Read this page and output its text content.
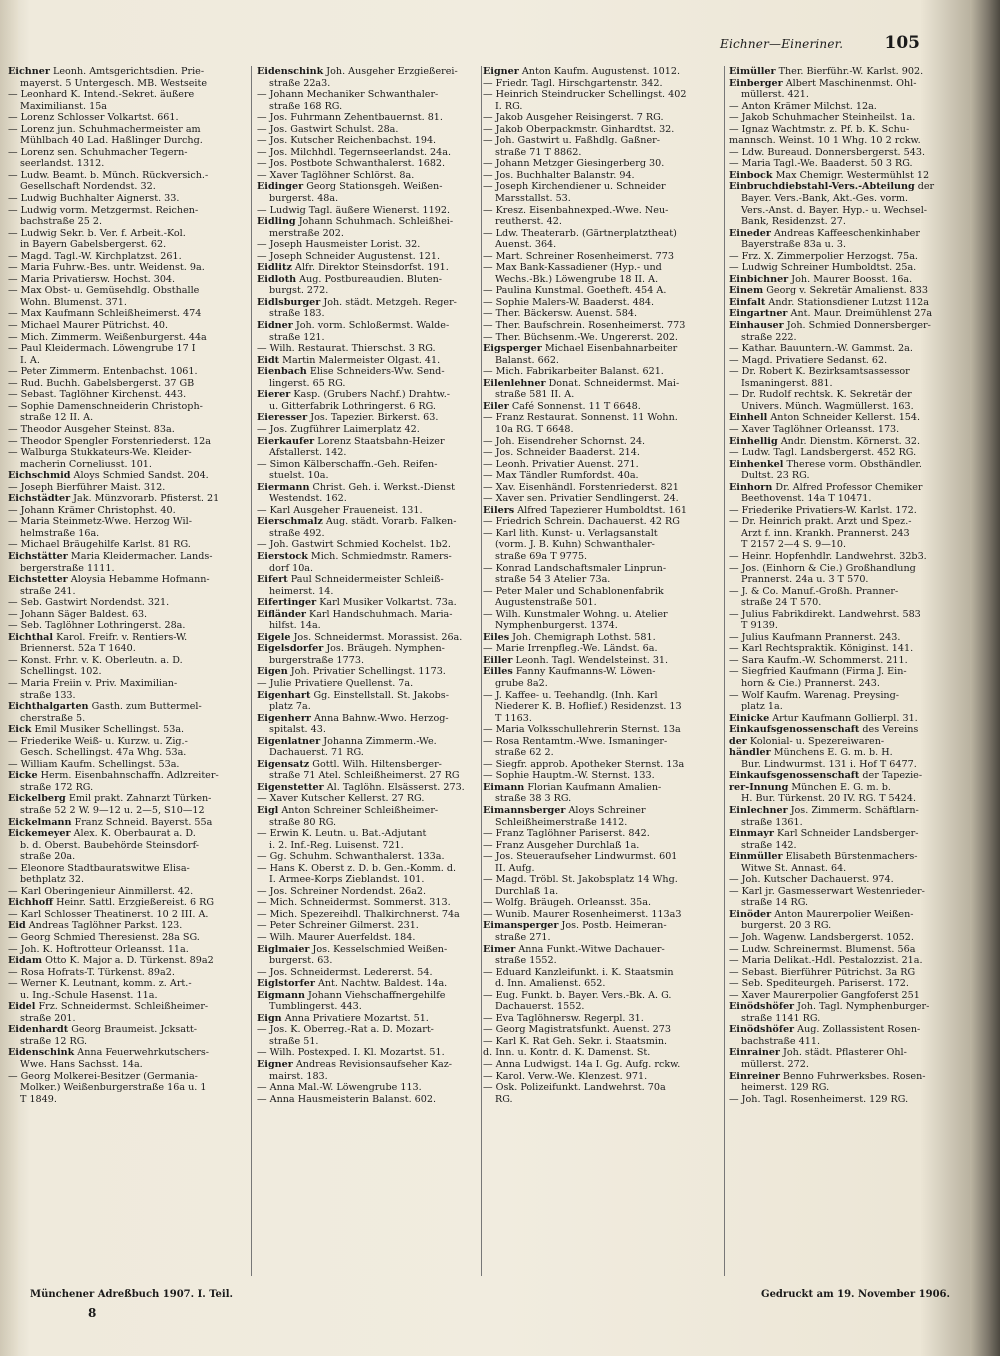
Eichner—Eineriner. 105

Eichner Leonh. Amtsgerichtsdien. Prie-

mayerst. 5 Untergesch. MB. Westseite

— Leonhard K. Intend.-Sekret. äußere

Maximilianst. 15a

— Lorenz Schlosser Volkartst. 661.

— Lorenz jun. Schuhmachermeister am

Mühlbach 40 Lad. Haßlinger Durchg.

— Lorenz sen. Schuhmacher Tegern-

seerlandst. 1312.

— Ludw. Beamt. b. Münch. Rückversich.-

Gesellschaft Nordendst. 32.

— Ludwig Buchhalter Aignerst. 33.

— Ludwig vorm. Metzgermst. Reichen-

bachstraße 25 2.

— Ludwig Sekr. b. Ver. f. Arbeit.-Kol.

in Bayern Gabelsbergerst. 62.

— Magd. Tagl.-W. Kirchplatzst. 261.

— Maria Fuhrw.-Bes. untr. Weidenst. 9a.

— Maria Privatiersw. Hochst. 304.

— Max Obst- u. Gemüsehdlg. Obsthalle

Wohn. Blumenst. 371.

— Max Kaufmann Schleißheimerst. 474

— Michael Maurer Pütrichst. 40.

— Mich. Zimmerm. Weißenburgerst. 44a

— Paul Kleidermach. Löwengrube 17 I

I. A.

— Peter Zimmerm. Entenbachst. 1061.

— Rud. Buchh. Gabelsbergerst. 37 GB

— Sebast. Taglöhner Kirchenst. 443.

— Sophie Damenschneiderin Christoph-

straße 12 II. A.

— Theodor Ausgeher Steinst. 83a.

— Theodor Spengler Forstenriederst. 12a

— Walburga Stukkateurs-We. Kleider-

macherin Corneliusst. 101.

Eichschmid Aloys Schmied Sandst. 204.

— Joseph Bierführer Maist. 312.

Eichstädter Jak. Münzvorarb. Pfisterst. 21

— Johann Krämer Christophst. 40.

— Maria Steinmetz-Wwe. Herzog Wil-

helmstraße 16a.

— Michael Bräugehilfe Karlst. 81 RG.

Eichstätter Maria Kleidermacher. Lands-

bergerstraße 1111.

Eichstetter Aloysia Hebamme Hofmann-

straße 241.

— Seb. Gastwirt Nordendst. 321.

— Johann Säger Baldest. 63.

— Seb. Taglöhner Lothringerst. 28a.

Eichthal Karol. Freifr. v. Rentiers-W.

Briennerst. 52a T 1640.

— Konst. Frhr. v. K. Oberleutn. a. D.

Schellingst. 102.

— Maria Freiin v. Priv. Maximilian-

straße 133.

Eichthalgarten Gasth. zum Buttermel-

cherstraße 5.

Eick Emil Musiker Schellingst. 53a.

— Friederike Weiß- u. Kurzw. u. Zig.-

Gesch. Schellingst. 47a Whg. 53a.

— William Kaufm. Schellingst. 53a.

Eicke Herm. Eisenbahnschaffn. Adlzreiter-

straße 172 RG.

Eickelberg Emil prakt. Zahnarzt Türken-

straße 52 2 W. 9—12 u. 2—5, S10—12

Eickelmann Franz Schneid. Bayerst. 55a

Eickemeyer Alex. K. Oberbaurat a. D.

b. d. Oberst. Baubehörde Steinsdorf-

straße 20a.

— Eleonore Stadtbauratswitwe Elisa-

bethplatz 32.

— Karl Oberingenieur Ainmillerst. 42.

Eichhoff Heinr. Sattl. Erzgießereist. 6 RG

— Karl Schlosser Theatinerst. 10 2 III. A.

Eid Andreas Taglöhner Parkst. 123.

— Georg Schmied Theresienst. 28a SG.

— Joh. K. Hoftrotteur Orleansst. 11a.

Eidam Otto K. Major a. D. Türkenst. 89a2

— Rosa Hofrats-T. Türkenst. 89a2.

— Werner K. Leutnant, komm. z. Art.-

u. Ing.-Schule Hasenst. 11a.

Eidel Frz. Schneidermst. Schleißheimer-

straße 201.

Eidenhardt Georg Braumeist. Jcksatt-

straße 12 RG.

Eidenschink Anna Feuerwehrkutschers-

Wwe. Hans Sachsst. 14a.

— Georg Molkerei-Besitzer (Germania-

Molker.) Weißenburgerstraße 16a u. 1

T 1849.

Eidenschink Joh. Ausgeher Erzgießerei-

straße 22a3.

— Johann Mechaniker Schwanthaler-

straße 168 RG.

— Jos. Fuhrmann Zehentbauernst. 81.

— Jos. Gastwirt Schulst. 28a.

— Jos. Kutscher Reichenbachst. 194.

— Jos. Milchhdl. Tegernseerlandst. 24a.

— Jos. Postbote Schwanthalerst. 1682.

— Xaver Taglöhner Schlörst. 8a.

Eidinger Georg Stationsgeh. Weißen-

burgerst. 48a.

— Ludwig Tagl. äußere Wienerst. 1192.

Eidling Johann Schuhmach. Schleißhei-

merstraße 202.

— Joseph Hausmeister Lorist. 32.

— Joseph Schneider Augustenst. 121.

Eidlitz Alfr. Direktor Steinsdorfst. 191.

Eidloth Aug. Postbureaudien. Bluten-

burgst. 272.

Eidlsburger Joh. städt. Metzgeh. Reger-

straße 183.

Eidner Joh. vorm. Schloßermst. Walde-

straße 121.

— Wilh. Restaurat. Thierschst. 3 RG.

Eidt Martin Malermeister Olgast. 41.

Eienbach Elise Schneiders-Ww. Send-

lingerst. 65 RG.

Eierer Kasp. (Grubers Nachf.) Drahtw.-

u. Gitterfabrik Lothringerst. 6 RG.

Eieresser Jos. Tapezier. Birkerst. 63.

— Jos. Zugführer Laimerplatz 42.

Eierkaufer Lorenz Staatsbahn-Heizer

Afstallerst. 142.

— Simon Kälberschaffn.-Geh. Reifen-

stuelst. 10a.

Eiermann Christ. Geh. i. Werkst.-Dienst

Westendst. 162.

— Karl Ausgeher Fraueneist. 131.

Eierschmalz Aug. städt. Vorarb. Falken-

straße 492.

— Joh. Gastwirt Schmied Kochelst. 1b2.

Eierstock Mich. Schmiedmstr. Ramers-

dorf 10a.

Eifert Paul Schneidermeister Schleiß-

heimerst. 14.

Eifertinger Karl Musiker Volkartst. 73a.

Eifländer Karl Handschuhmach. Maria-

hilfst. 14a.

Eigele Jos. Schneidermst. Morassist. 26a.

Eigelsdorfer Jos. Bräugeh. Nymphen-

burgerstraße 1773.

Eigen Joh. Privatier Schellingst. 1173.

— Julie Privatiere Quellenst. 7a.

Eigenhart Gg. Einstellstall. St. Jakobs-

platz 7a.

Eigenherr Anna Bahnw.-Wwo. Herzog-

spitalst. 43.

Eigenlatner Johanna Zimmerm.-We.

Dachauerst. 71 RG.

Eigensatz Gottl. Wilh. Hiltensberger-

straße 71 Atel. Schleißheimerst. 27 RG

Eigenstetter Al. Taglöhn. Elsässerst. 273.

— Xaver Kutscher Kellerst. 27 RG.

Eigl Anton Schreiner Schleißheimer-

straße 80 RG.

— Erwin K. Leutn. u. Bat.-Adjutant

i. 2. Inf.-Reg. Luisenst. 721.

— Gg. Schuhm. Schwanthalerst. 133a.

— Hans K. Oberst z. D. b. Gen.-Komm. d.

I. Armee-Korps Zieblandst. 101.

— Jos. Schreiner Nordendst. 26a2.

— Mich. Schneidermst. Sommerst. 313.

— Mich. Spezereihdl. Thalkirchnerst. 74a

— Peter Schreiner Gilmerst. 231.

— Wilh. Maurer Auerfeldst. 184.

Eiglmaier Jos. Kesselschmied Weißen-

burgerst. 63.

— Jos. Schneidermst. Ledererst. 54.

Eiglstorfer Ant. Nachtw. Baldest. 14a.

Eigmann Johann Viehschaffnergehilfe

Tumblingerst. 443.

Eign Anna Privatiere Mozartst. 51.

— Jos. K. Oberreg.-Rat a. D. Mozart-

straße 51.

— Wilh. Postexped. I. Kl. Mozartst. 51.

Eigner Andreas Revisionsaufseher Kaz-

mairst. 183.

— Anna Mal.-W. Löwengrube 113.

— Anna Hausmeisterin Balanst. 602.

Eigner Anton Kaufm. Augustenst. 1012.

— Friedr. Tagl. Hirschgartenstr. 342.

— Heinrich Steindrucker Schellingst. 402

I. RG.

— Jakob Ausgeher Reisingerst. 7 RG.

— Jakob Oberpackmstr. Ginhardtst. 32.

— Joh. Gastwirt u. Faßhdlg. Gaßner-

straße 71 T 8862.

— Johann Metzger Giesingerberg 30.

— Jos. Buchhalter Balanstr. 94.

— Joseph Kirchendiener u. Schneider

Marsstallst. 53.

— Kresz. Eisenbahnexped.-Wwe. Neu-

reutherst. 42.

— Ldw. Theaterarb. (Gärtnerplatztheat)

Auenst. 364.

— Mart. Schreiner Rosenheimerst. 773

— Max Bank-Kassadiener (Hyp.- und

Wechs.-Bk.) Löwengrube 18 II. A.

— Paulina Kunstmal. Goetheft. 454 A.

— Sophie Malers-W. Baaderst. 484.

— Ther. Bäckersw. Auenst. 584.

— Ther. Baufschrein. Rosenheimerst. 773

— Ther. Büchsenm.-We. Ungererst. 202.

Eigsperger Michael Eisenbahnarbeiter

Balanst. 662.

— Mich. Fabrikarbeiter Balanst. 621.

Eilenlehner Donat. Schneidermst. Mai-

straße 581 II. A.

Eiler Café Sonnenst. 11 T 6648.

— Franz Restaurat. Sonnenst. 11 Wohn.

10a RG. T 6648.

— Joh. Eisendreher Schornst. 24.

— Jos. Schneider Baaderst. 214.

— Leonh. Privatier Auenst. 271.

— Max Tändler Rumfordst. 40a.

— Xav. Eisenhändl. Forstenriederst. 821

— Xaver sen. Privatier Sendlingerst. 24.

Eilers Alfred Tapezierer Humboldtst. 161

— Friedrich Schrein. Dachauerst. 42 RG

— Karl lith. Kunst- u. Verlagsanstalt

(vorm. J. B. Kuhn) Schwanthaler-

straße 69a T 9775.

— Konrad Landschaftsmaler Linprun-

straße 54 3 Atelier 73a.

— Peter Maler und Schablonenfabrik

Augustenstraße 501.

— Wilh. Kunstmaler Wohng. u. Atelier

Nymphenburgerst. 1374.

Eiles Joh. Chemigraph Lothst. 581.

— Marie Irrenpfleg.-We. Ländst. 6a.

Eiller Leonh. Tagl. Wendelsteinst. 31.

Eilles Fanny Kaufmanns-W. Löwen-

grube 8a2.

— J. Kaffee- u. Teehandlg. (Inh. Karl

Niederer K. B. Hoflief.) Residenzst. 13

T 1163.

— Maria Volksschullehrerin Sternst. 13a

— Rosa Rentamtm.-Wwe. Ismaninger-

straße 62 2.

— Siegfr. approb. Apotheker Sternst. 13a

— Sophie Hauptm.-W. Sternst. 133.

Eimann Florian Kaufmann Amalien-

straße 38 3 RG.

Eimannsberger Aloys Schreiner

Schleißheimerstraße 1412.

— Franz Taglöhner Pariserst. 842.

— Franz Ausgeher Durchlaß 1a.

— Jos. Steueraufseher Lindwurmst. 601

II. Aufg.

— Magd. Tröbl. St. Jakobsplatz 14 Whg.

Durchlaß 1a.

— Wolfg. Bräugeh. Orleansst. 35a.

— Wunib. Maurer Rosenheimerst. 113a3

Eimansperger Jos. Postb. Heimeran-

straße 271.

Eimer Anna Funkt.-Witwe Dachauer-

straße 1552.

— Eduard Kanzleifunkt. i. K. Staatsmin

d. Inn. Amalienst. 652.

— Eug. Funkt. b. Bayer. Vers.-Bk. A. G.

Dachauerst. 1552.

— Eva Taglöhnersw. Regerpl. 31.

— Georg Magistratsfunkt. Auenst. 273

— Karl K. Rat Geh. Sekr. i. Staatsmin.

d. Inn. u. Kontr. d. K. Damenst. St.

— Anna Ludwigst. 14a I. Gg. Aufg. rckw.

— Karol. Verw.-We. Klenzest. 971.

— Osk. Polizeifunkt. Landwehrst. 70a

RG.

Eimüller Ther. Bierführ.-W. Karlst. 902.

Einberger Albert Maschinenmst. Ohl-

müllerst. 421.

— Anton Krämer Milchst. 12a.

— Jakob Schuhmacher Steinheilst. 1a.

— Ignaz Wachtmstr. z. Pf. b. K. Schu-

mannsch. Weinst. 10 1 Whg. 10 2 rckw.

— Ldw. Bureaud. Donnersbergerst. 543.

— Maria Tagl.-We. Baaderst. 50 3 RG.

Einbock Max Chemigr. Westermühlst 12

Einbruchdiebstahl-Vers.-Abteilung der

Bayer. Vers.-Bank, Akt.-Ges. vorm.

Vers.-Anst. d. Bayer. Hyp.- u. Wechsel-

Bank, Residenzst. 27.

Eineder Andreas Kaffeeschenkinhaber

Bayerstraße 83a u. 3.

— Frz. X. Zimmerpolier Herzogst. 75a.

— Ludwig Schreiner Humboldtst. 25a.

Einbichner Joh. Maurer Boosst. 16a.

Einem Georg v. Sekretär Amalienst. 833

Einfalt Andr. Stationsdiener Lutzst 112a

Eingartner Ant. Maur. Dreimühlenst 27a

Einhauser Joh. Schmied Donnersberger-

straße 222.

— Kathar. Bauuntern.-W. Gammst. 2a.

— Magd. Privatiere Sedanst. 62.

— Dr. Robert K. Bezirksamtsassessor

Ismaningerst. 881.

— Dr. Rudolf rechtsk. K. Sekretär der

Univers. Münch. Wagmüllerst. 163.

Einhell Anton Schneider Kellerst. 154.

— Xaver Taglöhner Orleansst. 173.

Einhellig Andr. Dienstm. Körnerst. 32.

— Ludw. Tagl. Landsbergerst. 452 RG.

Einhenkel Therese vorm. Obsthändler.

Dultst. 23 RG.

Einhorn Dr. Alfred Professor Chemiker

Beethovenst. 14a T 10471.

— Friederike Privatiers-W. Karlst. 172.

— Dr. Heinrich prakt. Arzt und Spez.-

Arzt f. inn. Krankh. Prannerst. 243

T 2157 2—4 S. 9—10.

— Heinr. Hopfenhdlr. Landwehrst. 32b3.

— Jos. (Einhorn & Cie.) Großhandlung

Prannerst. 24a u. 3 T 570.

— J. & Co. Manuf.-Großh. Pranner-

straße 24 T 570.

— Julius Fabrikdirekt. Landwehrst. 583

T 9139.

— Julius Kaufmann Prannerst. 243.

— Karl Rechtspraktik. Königinst. 141.

— Sara Kaufm.-W. Schommerst. 211.

— Siegfried Kaufmann (Firma J. Ein-

horn & Cie.) Prannerst. 243.

— Wolf Kaufm. Warenag. Preysing-

platz 1a.

Einicke Artur Kaufmann Gollierpl. 31.

Einkaufsgenossenschaft des Vereins

der Kolonial- u. Spezereiwaren-

händler Münchens E. G. m. b. H.

Bur. Lindwurmst. 131 i. Hof T 6477.

Einkaufsgenossenschaft der Tapezie-

rer-Innung München E. G. m. b.

H. Bur. Türkenst. 20 IV. RG. T 5424.

Einlechner Jos. Zimmerm. Schäftlarn-

straße 1361.

Einmayr Karl Schneider Landsberger-

straße 142.

Einmüller Elisabeth Bürstenmachers-

Witwe St. Annast. 64.

— Joh. Kutscher Dachauerst. 974.

— Karl jr. Gasmesserwart Westenrieder-

straße 14 RG.

Einöder Anton Maurerpolier Weißen-

burgerst. 20 3 RG.

— Joh. Wagenw. Landsbergerst. 1052.

— Ludw. Schreinermst. Blumenst. 56a

— Maria Delikat.-Hdl. Pestalozzist. 21a.

— Sebast. Bierführer Pütrichst. 3a RG

— Seb. Spediteurgeh. Pariserst. 172.

— Xaver Maurerpolier Gangfoferst 251

Einödshöfer Joh. Tagl. Nymphenburger-

straße 1141 RG.

Einödshöfer Aug. Zollassistent Rosen-

bachstraße 411.

Einrainer Joh. städt. Pflasterer Ohl-

müllerst. 272.

Einreiner Benno Fuhrwerksbes. Rosen-

heimerst. 129 RG.

— Joh. Tagl. Rosenheimerst. 129 RG.

Münchener Adreßbuch 1907. I. Teil.
8
Gedruckt am 19. November 1906.
